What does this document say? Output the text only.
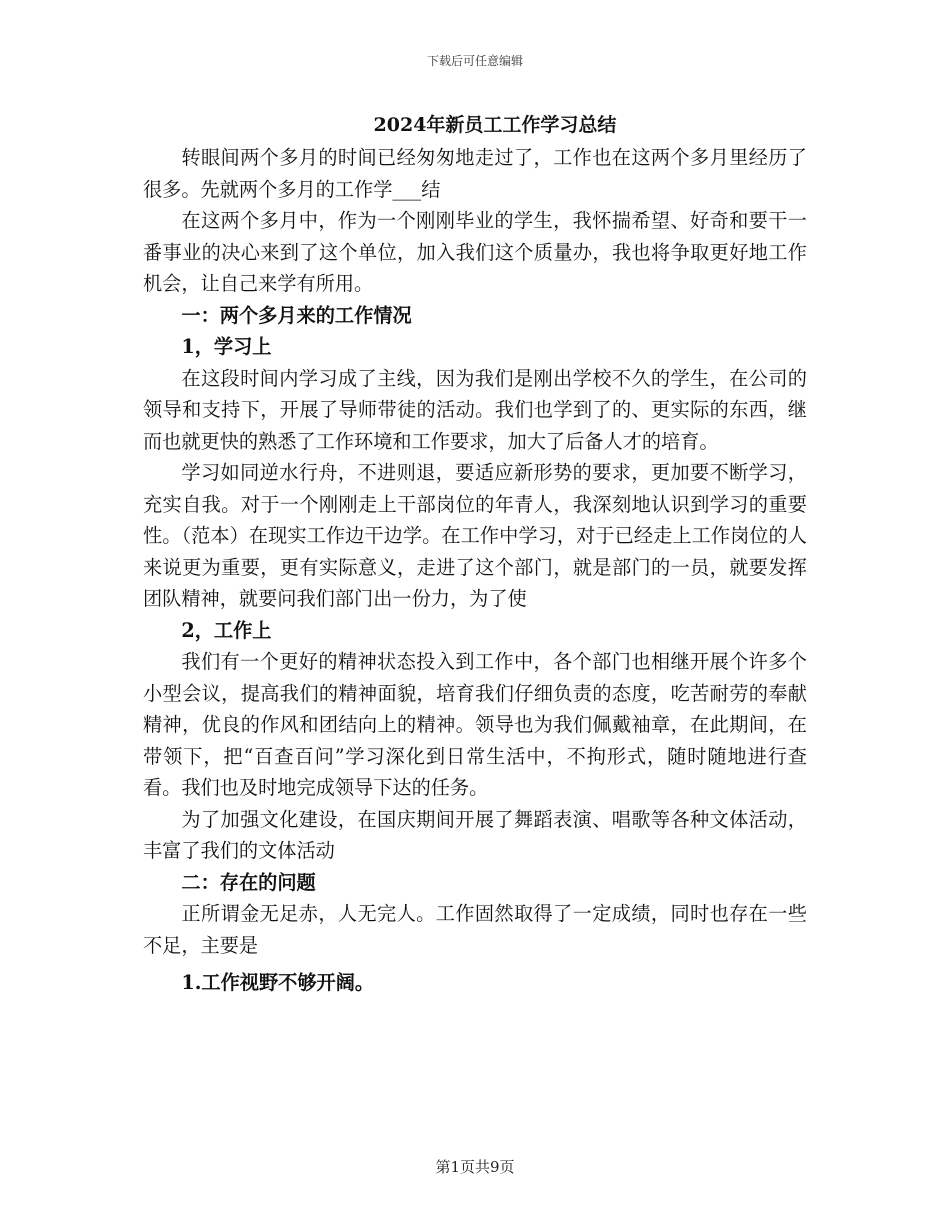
下载后可任意编辑
2024年新员工工作学习总结

转眼间两个多月的时间已经匆匆地走过了，工作也在这两个多月里经历了很多。先就两个多月的工作学___结

在这两个多月中，作为一个刚刚毕业的学生，我怀揣希望、好奇和要干一番事业的决心来到了这个单位，加入我们这个质量办，我也将争取更好地工作机会，让自己来学有所用。

一：两个多月来的工作情况

1，学习上

在这段时间内学习成了主线，因为我们是刚出学校不久的学生，在公司的领导和支持下，开展了导师带徒的活动。我们也学到了的、更实际的东西，继而也就更快的熟悉了工作环境和工作要求，加大了后备人才的培育。

学习如同逆水行舟，不进则退，要适应新形势的要求，更加要不断学习，充实自我。对于一个刚刚走上干部岗位的年青人，我深刻地认识到学习的重要性。（范本）在现实工作边干边学。在工作中学习，对于已经走上工作岗位的人来说更为重要，更有实际意义，走进了这个部门，就是部门的一员，就要发挥团队精神，就要问我们部门出一份力，为了使

2，工作上

我们有一个更好的精神状态投入到工作中，各个部门也相继开展个许多个小型会议，提高我们的精神面貌，培育我们仔细负责的态度，吃苦耐劳的奉献精神，优良的作风和团结向上的精神。领导也为我们佩戴袖章，在此期间，在带领下，把“百查百问”学习深化到日常生活中，不拘形式，随时随地进行查看。我们也及时地完成领导下达的任务。

为了加强文化建设，在国庆期间开展了舞蹈表演、唱歌等各种文体活动，丰富了我们的文体活动

二：存在的问题

正所谓金无足赤，人无完人。工作固然取得了一定成绩，同时也存在一些不足，主要是

1.工作视野不够开阔。

第1页共9页
